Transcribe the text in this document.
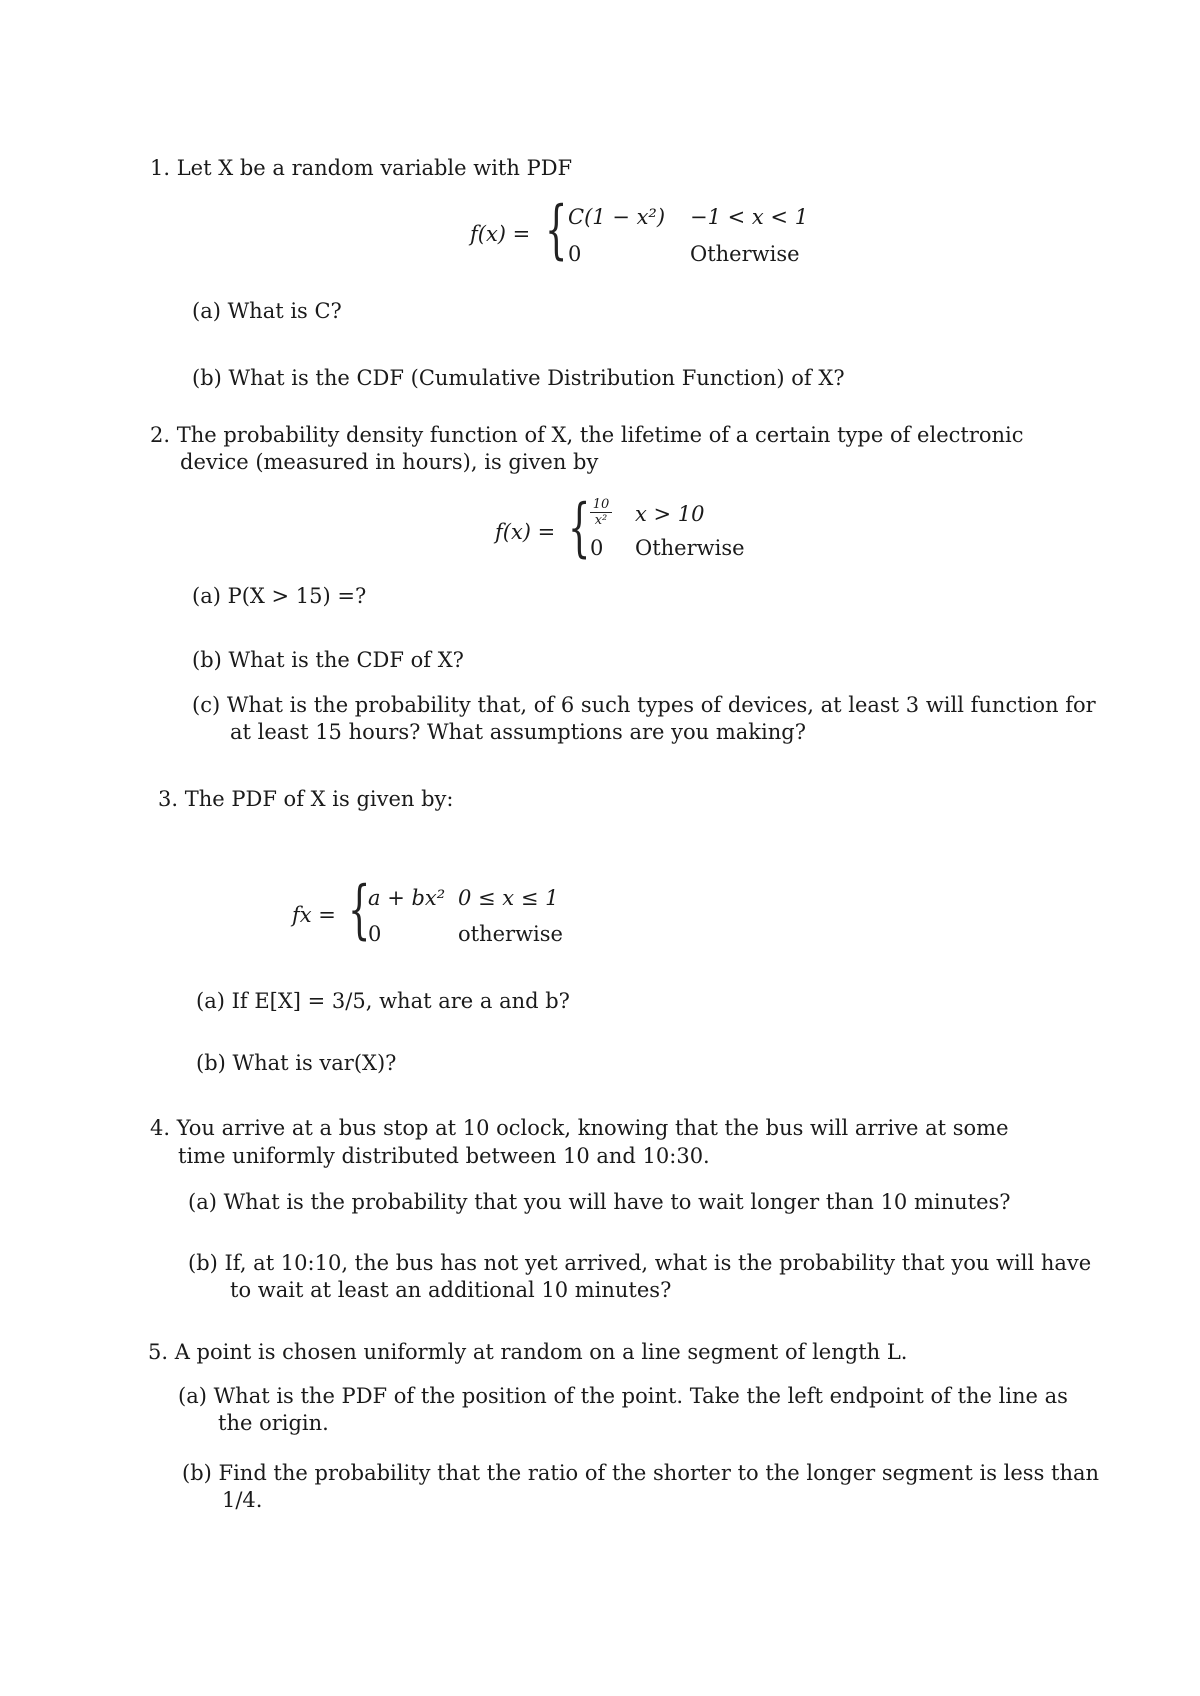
1. Let X be a random variable with PDF
f(x) = { C(1 − x²) −1 < x < 1
0	Otherwise
(a) What is C?
(b) What is the CDF (Cumulative Distribution Function) of X?
2. The probability density function of X, the lifetime of a certain type of electronic
device (measured in hours), is given by
f(x) = { 10
x² x > 10
0 Otherwise
(a) P(X > 15) =?
(b) What is the CDF of X?
(c) What is the probability that, of 6 such types of devices, at least 3 will function for
at least 15 hours? What assumptions are you making?
3. The PDF of X is given by:
fx = {
a + bx² 0 ≤ x ≤ 1
0	otherwise
(a) If E[X] = 3/5, what are a and b?
(b) What is var(X)?
4. You arrive at a bus stop at 10 oclock, knowing that the bus will arrive at some
time uniformly distributed between 10 and 10:30.
(a) What is the probability that you will have to wait longer than 10 minutes?
(b) If, at 10:10, the bus has not yet arrived, what is the probability that you will have
to wait at least an additional 10 minutes?
5. A point is chosen uniformly at random on a line segment of length L.
(a) What is the PDF of the position of the point. Take the left endpoint of the line as
the origin.
(b) Find the probability that the ratio of the shorter to the longer segment is less than
1/4.
